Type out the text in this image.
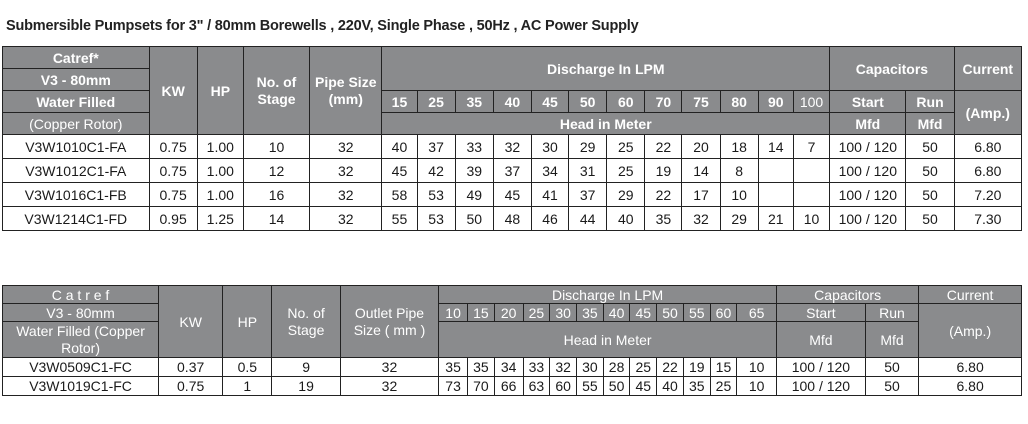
Submersible Pumpsets for 3" / 80mm Borewells , 220V, Single Phase , 50Hz , AC Power Supply
Catref*	KW	HP	No. of Stage	Pipe Size (mm)	Discharge In LPM												Capacitors		Current
V3 - 80mm																			
Water Filled					15	25	35	40	45	50	60	70	75	80	90	100	Start	Run	(Amp.)
(Copper Rotor)					Head in Meter												Mfd	Mfd	
V3W1010C1-FA	0.75	1.00	10	32	40	37	33	32	30	29	25	22	20	18	14	7	100 / 120	50	6.80
V3W1012C1-FA	0.75	1.00	12	32	45	42	39	37	34	31	25	19	14	8			100 / 120	50	6.80
V3W1016C1-FB	0.75	1.00	16	32	58	53	49	45	41	37	29	22	17	10			100 / 120	50	7.20
V3W1214C1-FD	0.95	1.25	14	32	55	53	50	48	46	44	40	35	32	29	21	10	100 / 120	50	7.30
C a t r e f	KW	HP	No. of Stage	Outlet Pipe Size ( mm )	Discharge In LPM												Capacitors		Current
V3 - 80mm					10	15	20	25	30	35	40	45	50	55	60	65	Start	Run	(Amp.)
Water Filled (Copper Rotor)					Head in Meter												Mfd	Mfd	

V3W0509C1-FC	0.37	0.5	9	32	35	35	34	33	32	30	28	25	22	19	15	10	100 / 120	50	6.80
V3W1019C1-FC	0.75	1	19	32	73	70	66	63	60	55	50	45	40	35	25	10	100 / 120	50	6.80
